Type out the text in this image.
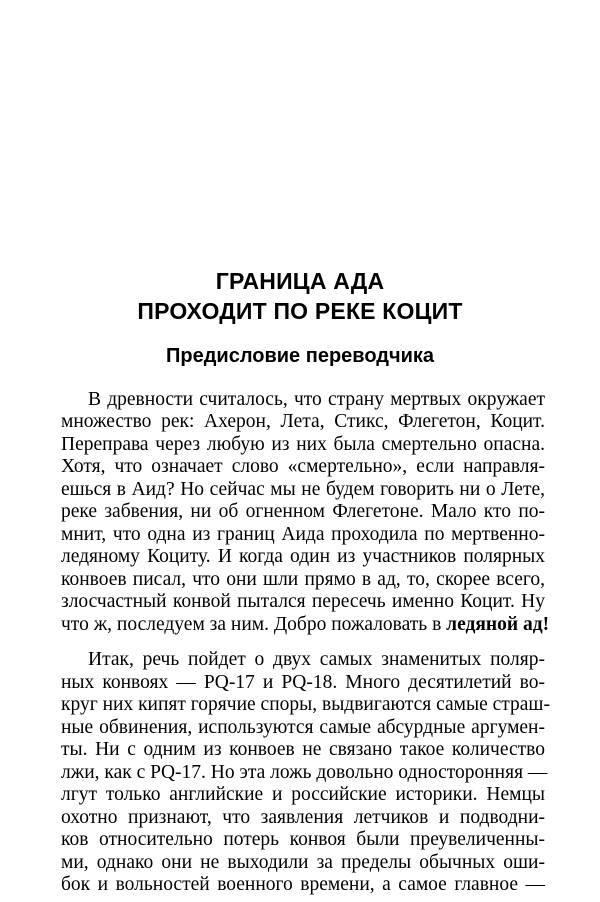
ГРАНИЦА АДА
ПРОХОДИТ ПО РЕКЕ КОЦИТ
Предисловие переводчика
В древности считалось, что страну мертвых окружает
множество рек: Ахерон, Лета, Стикс, Флегетон, Коцит.
Переправа через любую из них была смертельно опасна.
Хотя, что означает слово «смертельно», если направля-
ешься в Аид? Но сейчас мы не будем говорить ни о Лете,
реке забвения, ни об огненном Флегетоне. Мало кто по-
мнит, что одна из границ Аида проходила по мертвенно-
ледяному Коциту. И когда один из участников полярных
конвоев писал, что они шли прямо в ад, то, скорее всего,
злосчастный конвой пытался пересечь именно Коцит. Ну
что ж, последуем за ним. Добро пожаловать в ледяной ад!
Итак, речь пойдет о двух самых знаменитых поляр-
ных конвоях — PQ-17 и PQ-18. Много десятилетий во-
круг них кипят горячие споры, выдвигаются самые страш-
ные обвинения, используются самые абсурдные аргумен-
ты. Ни с одним из конвоев не связано такое количество
лжи, как с PQ-17. Но эта ложь довольно односторонняя —
лгут только английские и российские историки. Немцы
охотно признают, что заявления летчиков и подводни-
ков относительно потерь конвоя были преувеличенны-
ми, однако они не выходили за пределы обычных оши-
бок и вольностей военного времени, а самое главное —
